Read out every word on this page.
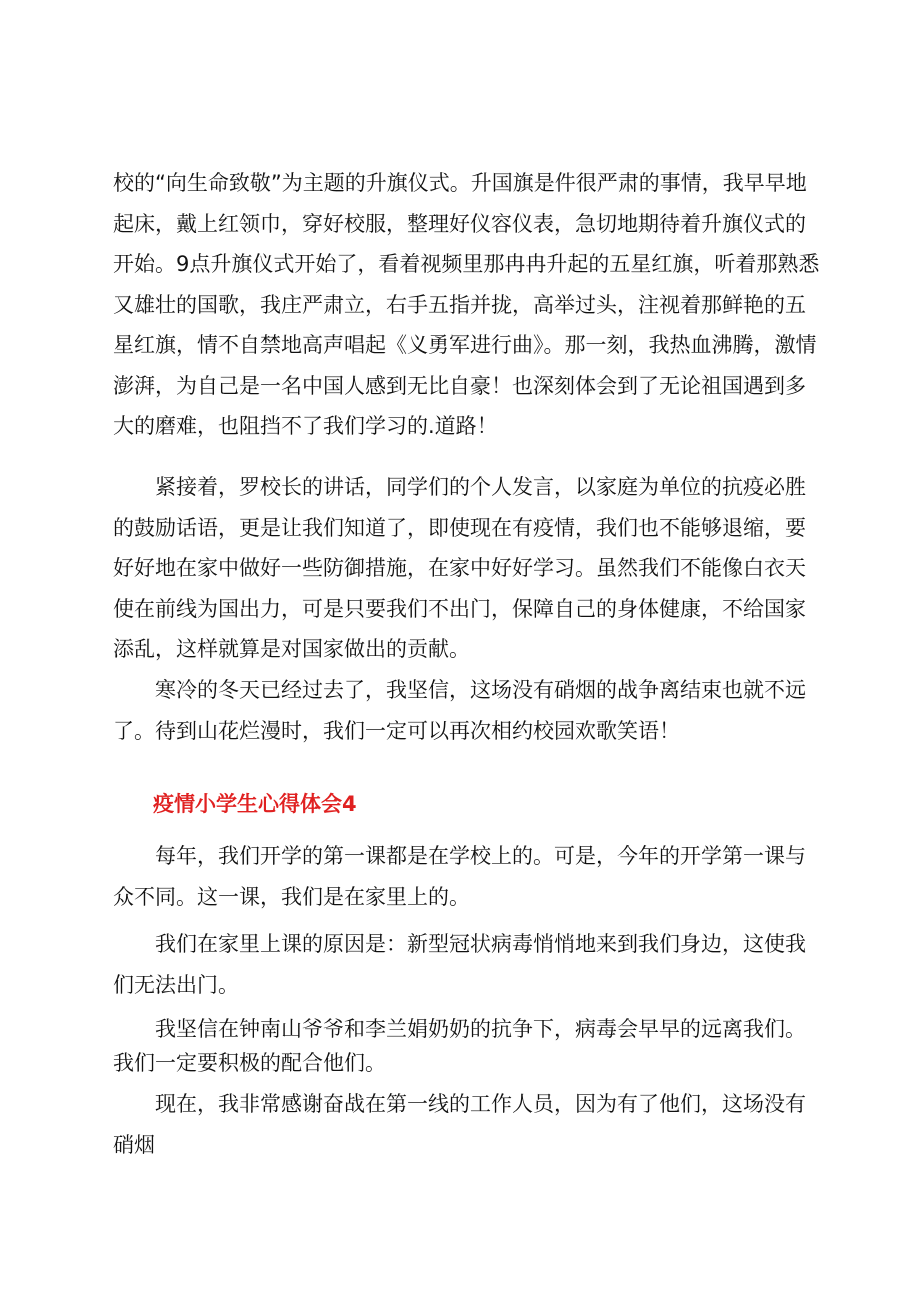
校的“向生命致敬”为主题的升旗仪式。升国旗是件很严肃的事情，我早早地起床，戴上红领巾，穿好校服，整理好仪容仪表，急切地期待着升旗仪式的开始。9点升旗仪式开始了，看着视频里那冉冉升起的五星红旗，听着那熟悉又雄壮的国歌，我庄严肃立，右手五指并拢，高举过头，注视着那鲜艳的五星红旗，情不自禁地高声唱起《义勇军进行曲》。那一刻，我热血沸腾，激情澎湃，为自己是一名中国人感到无比自豪！也深刻体会到了无论祖国遇到多大的磨难，也阻挡不了我们学习的.道路！

　　紧接着，罗校长的讲话，同学们的个人发言，以家庭为单位的抗疫必胜的鼓励话语，更是让我们知道了，即使现在有疫情，我们也不能够退缩，要好好地在家中做好一些防御措施，在家中好好学习。虽然我们不能像白衣天使在前线为国出力，可是只要我们不出门，保障自己的身体健康，不给国家添乱，这样就算是对国家做出的贡献。

　　寒冷的冬天已经过去了，我坚信，这场没有硝烟的战争离结束也就不远了。待到山花烂漫时，我们一定可以再次相约校园欢歌笑语！

疫情小学生心得体会4

　　每年，我们开学的第一课都是在学校上的。可是，今年的开学第一课与众不同。这一课，我们是在家里上的。

　　我们在家里上课的原因是：新型冠状病毒悄悄地来到我们身边，这使我们无法出门。

　　我坚信在钟南山爷爷和李兰娟奶奶的抗争下，病毒会早早的远离我们。我们一定要积极的配合他们。

　　现在，我非常感谢奋战在第一线的工作人员，因为有了他们，这场没有硝烟
